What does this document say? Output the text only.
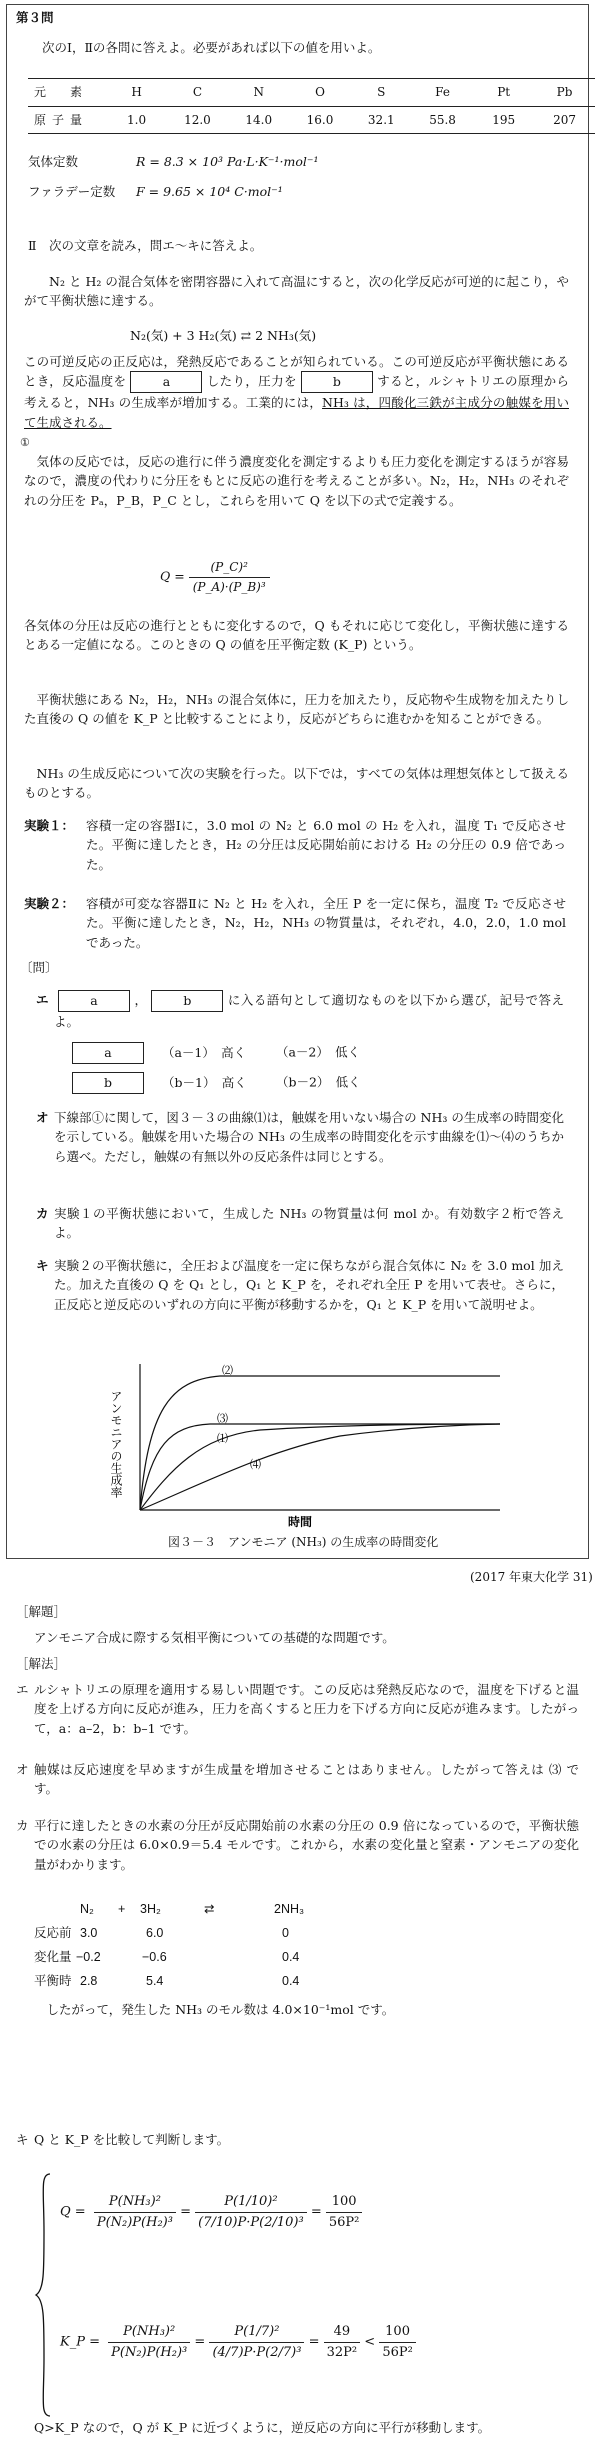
第３問
次のⅠ，Ⅱの各問に答えよ。必要があれば以下の値を用いよ。
元　素	H	C	N	O	S	Fe	Pt	Pb
原子量	1.0	12.0	14.0	16.0	32.1	55.8	195	207
気体定数	R = 8.3 × 10³ Pa·L·K⁻¹·mol⁻¹
ファラデー定数 F = 9.65 × 10⁴ C·mol⁻¹
Ⅱ　次の文章を読み，問エ～キに答えよ。
N₂ と H₂ の混合気体を密閉容器に入れて高温にすると，次の化学反応が可逆的に起こり，やがて平衡状態に達する。
N₂(気) + 3 H₂(気) ⇄ 2 NH₃(気)
この可逆反応の正反応は，発熱反応であることが知られている。この可逆反応が平衡状態にあるとき，反応温度を	a	したり，圧力を	b	すると，ルシャトリエの原理から考えると，NH₃ の生成率が増加する。工業的には，NH₃ は，四酸化三鉄が主成分の触媒を用いて生成される。
①
気体の反応では，反応の進行に伴う濃度変化を測定するよりも圧力変化を測定するほうが容易なので，濃度の代わりに分圧をもとに反応の進行を考えることが多い。N₂，H₂，NH₃ のそれぞれの分圧を Pₐ，P_B，P_C とし，これらを用いて Q を以下の式で定義する。
$Q = \frac{\text{(P\_C)²}}{\text{(P\_A)·(P\_B)³}}$
各気体の分圧は反応の進行とともに変化するので，Q もそれに応じて変化し，平衡状態に達するとある一定値になる。このときの Q の値を圧平衡定数 (K_P) という。
平衡状態にある N₂，H₂，NH₃ の混合気体に，圧力を加えたり，反応物や生成物を加えたりした直後の Q の値を K_P と比較することにより，反応がどちらに進むかを知ることができる。
NH₃ の生成反応について次の実験を行った。以下では，すべての気体は理想気体として扱えるものとする。
実験１： 容積一定の容器Ⅰに，3.0 mol の N₂ と 6.0 mol の H₂ を入れ，温度 T₁ で反応させた。平衡に達したとき，H₂ の分圧は反応開始前における H₂ の分圧の 0.9 倍であった。
実験２： 容積が可変な容器Ⅱに N₂ と H₂ を入れ，全圧 P を一定に保ち，温度 T₂ で反応させた。平衡に達したとき，N₂，H₂，NH₃ の物質量は，それぞれ，4.0，2.0，1.0 mol であった。
〔問〕
エ	a	，	b	に入る語句として適切なものを以下から選び，記号で答えよ。
a	（a－1）　高く （a－2）　低く
b	（b－1）　高く （b－2）　低く
オ 下線部①に関して，図３－３の曲線⑴は，触媒を用いない場合の NH₃ の生成率の時間変化を示している。触媒を用いた場合の NH₃ の生成率の時間変化を示す曲線を⑴～⑷のうちから選べ。ただし，触媒の有無以外の反応条件は同じとする。
カ 実験１の平衡状態において，生成した NH₃ の物質量は何 mol か。有効数字２桁で答えよ。
キ 実験２の平衡状態に，全圧および温度を一定に保ちながら混合気体に N₂ を 3.0 mol 加えた。加えた直後の Q を Q₁ とし，Q₁ と K_P を，それぞれ全圧 P を用いて表せ。さらに，正反応と逆反応のいずれの方向に平衡が移動するかを，Q₁ と K_P を用いて説明せよ。
アンモニアの生成率
⑵
⑶
⑴
⑷
時間
図３－３　アンモニア (NH₃) の生成率の時間変化
(2017 年東大化学 31)
［解題］
アンモニア合成に際する気相平衡についての基礎的な問題です。
［解法］
エ ルシャトリエの原理を適用する易しい問題です。この反応は発熱反応なので，温度を下げると温度を上げる方向に反応が進み，圧力を高くすると圧力を下げる方向に反応が進みます。したがって，a：a–2，b：b–1 です。
オ 触媒は反応速度を早めますが生成量を増加させることはありません。したがって答えは ⑶ です。
カ 平行に達したときの水素の分圧が反応開始前の水素の分圧の 0.9 倍になっているので，平衡状態での水素の分圧は 6.0×0.9＝5.4 モルです。これから，水素の変化量と窒素・アンモニアの変化量がわかります。
N₂ + 3H₂	⇄	2NH₃
反応前 3.0	6.0	0
変化量 −0.2	−0.6	0.4
平衡時 2.8	5.4	0.4
したがって，発生した NH₃ のモル数は 4.0×10⁻¹mol です。
キ Q と K_P を比較して判断します。
$Q = \frac{\text{P(NH₃)²}}{\text{P(N₂)P(H₂)³}} = \frac{\text{P(1/10)²}}{\text{(7/10)P·P(2/10)³}} = \frac{100}{\text{56P²}}$
K_P = $\frac{\text{P(NH₃)²}}{\text{P(N₂)P(H₂)³}} = \frac{\text{P(1/7)²}}{\text{(4/7)P·P(2/7)³}} = \frac{49}{\text{32P²}} < \frac{100}{\text{56P²}}$
Q>K_P なので，Q が K_P に近づくように，逆反応の方向に平行が移動します。
